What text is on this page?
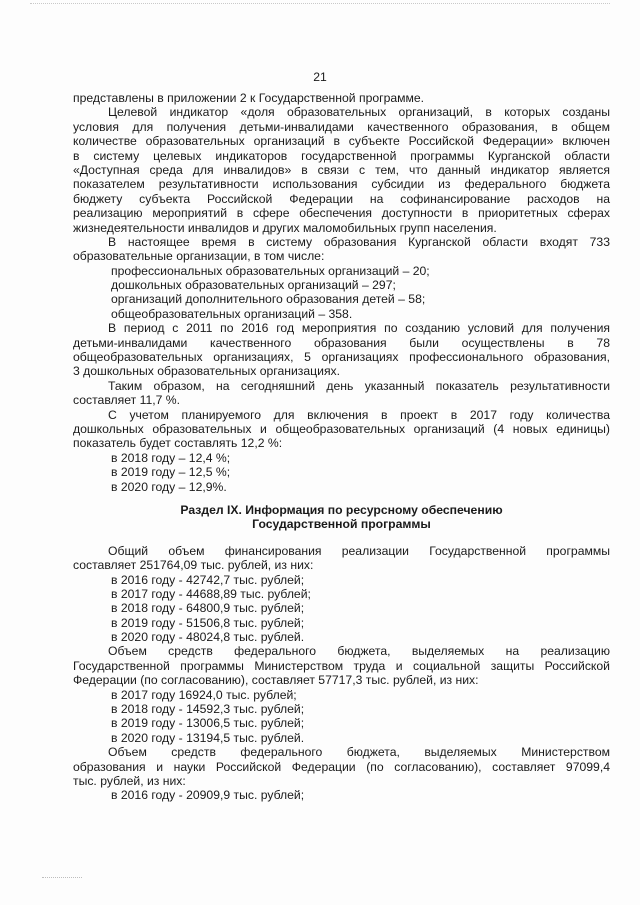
21
представлены в приложении 2 к Государственной программе.
Целевой индикатор «доля образовательных организаций, в которых созданы
условия для получения детьми-инвалидами качественного образования, в общем
количестве образовательных организаций в субъекте Российской Федерации» включен
в систему целевых индикаторов государственной программы Курганской области
«Доступная среда для инвалидов» в связи с тем, что данный индикатор является
показателем результативности использования субсидии из федерального бюджета
бюджету субъекта Российской Федерации на софинансирование расходов на
реализацию мероприятий в сфере обеспечения доступности в приоритетных сферах
жизнедеятельности инвалидов и других маломобильных групп населения.
В настоящее время в систему образования Курганской области входят 733
образовательные организации, в том числе:
профессиональных образовательных организаций – 20;
дошкольных образовательных организаций – 297;
организаций дополнительного образования детей – 58;
общеобразовательных организаций – 358.
В период с 2011 по 2016 год мероприятия по созданию условий для получения
детьми-инвалидами качественного образования были осуществлены в 78
общеобразовательных организациях, 5 организациях профессионального образования,
3 дошкольных образовательных организациях.
Таким образом, на сегодняшний день указанный показатель результативности
составляет 11,7 %.
С учетом планируемого для включения в проект в 2017 году количества
дошкольных образовательных и общеобразовательных организаций (4 новых единицы)
показатель будет составлять 12,2 %:
в 2018 году – 12,4 %;
в 2019 году – 12,5 %;
в 2020 году – 12,9%.
Раздел IX. Информация по ресурсному обеспечению
Государственной программы
Общий объем финансирования реализации Государственной программы
составляет 251764,09 тыс. рублей, из них:
в 2016 году - 42742,7 тыс. рублей;
в 2017 году - 44688,89 тыс. рублей;
в 2018 году - 64800,9 тыс. рублей;
в 2019 году - 51506,8 тыс. рублей;
в 2020 году - 48024,8 тыс. рублей.
Объем средств федерального бюджета, выделяемых на реализацию
Государственной программы Министерством труда и социальной защиты Российской
Федерации (по согласованию), составляет 57717,3 тыс. рублей, из них:
в 2017 году 16924,0 тыс. рублей;
в 2018 году - 14592,3 тыс. рублей;
в 2019 году - 13006,5 тыс. рублей;
в 2020 году - 13194,5 тыс. рублей.
Объем средств федерального бюджета, выделяемых Министерством
образования и науки Российской Федерации (по согласованию), составляет 97099,4
тыс. рублей, из них:
в 2016 году - 20909,9 тыс. рублей;
